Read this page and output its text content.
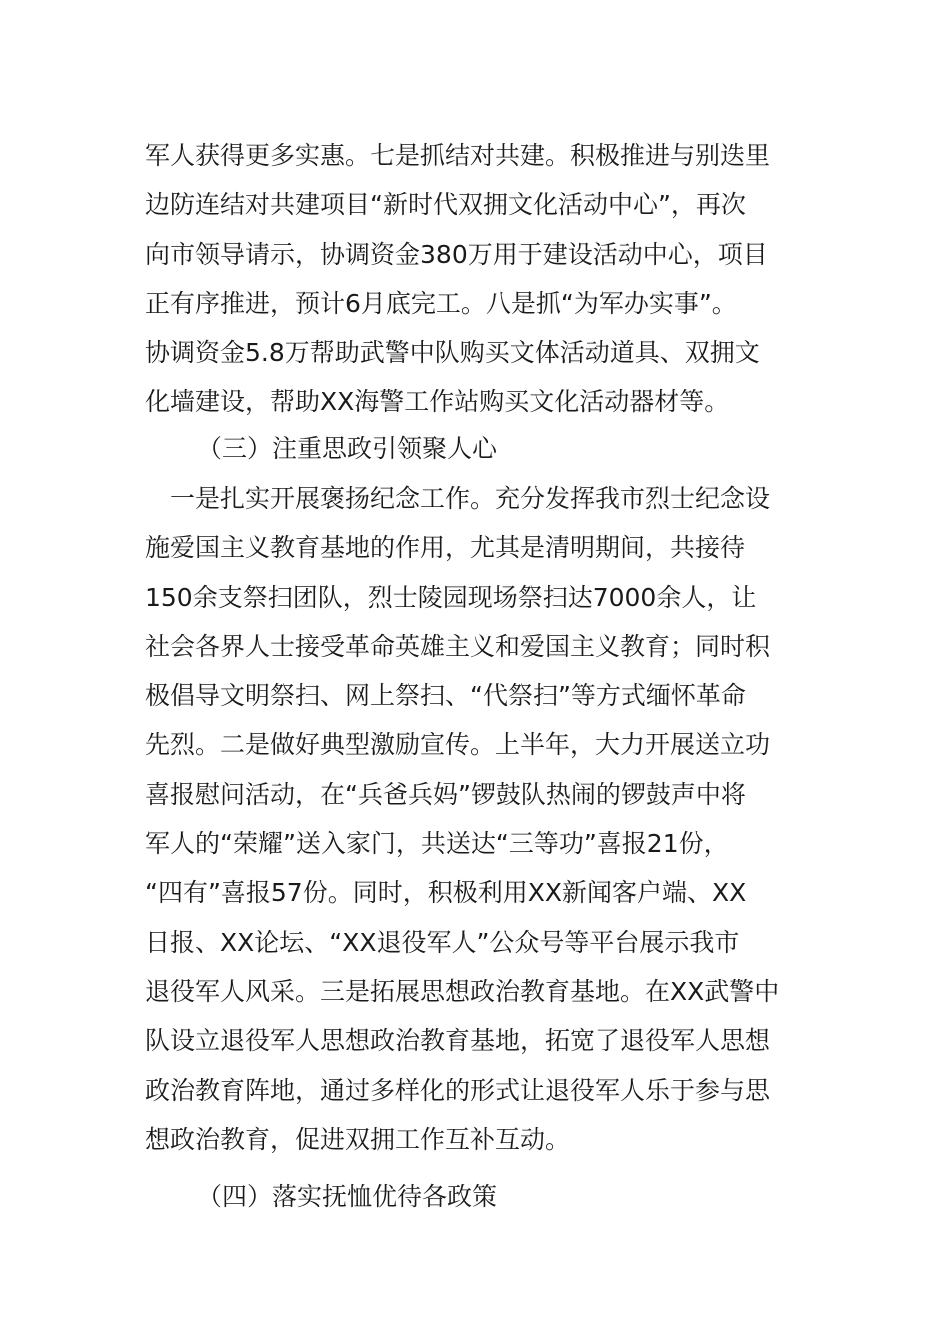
军人获得更多实惠。七是抓结对共建。积极推进与别迭里
边防连结对共建项目“新时代双拥文化活动中心”，再次
向市领导请示，协调资金380万用于建设活动中心，项目
正有序推进，预计6月底完工。八是抓“为军办实事”。
协调资金5.8万帮助武警中队购买文体活动道具、双拥文
化墙建设，帮助XX海警工作站购买文化活动器材等。
（三）注重思政引领聚人心
　一是扎实开展褒扬纪念工作。充分发挥我市烈士纪念设
施爱国主义教育基地的作用，尤其是清明期间，共接待
150余支祭扫团队，烈士陵园现场祭扫达7000余人，让
社会各界人士接受革命英雄主义和爱国主义教育；同时积
极倡导文明祭扫、网上祭扫、“代祭扫”等方式缅怀革命
先烈。二是做好典型激励宣传。上半年，大力开展送立功
喜报慰问活动，在“兵爸兵妈”锣鼓队热闹的锣鼓声中将
军人的“荣耀”送入家门，共送达“三等功”喜报21份，
“四有”喜报57份。同时，积极利用XX新闻客户端、XX
日报、XX论坛、“XX退役军人”公众号等平台展示我市
退役军人风采。三是拓展思想政治教育基地。在XX武警中
队设立退役军人思想政治教育基地，拓宽了退役军人思想
政治教育阵地，通过多样化的形式让退役军人乐于参与思
想政治教育，促进双拥工作互补互动。
（四）落实抚恤优待各政策
